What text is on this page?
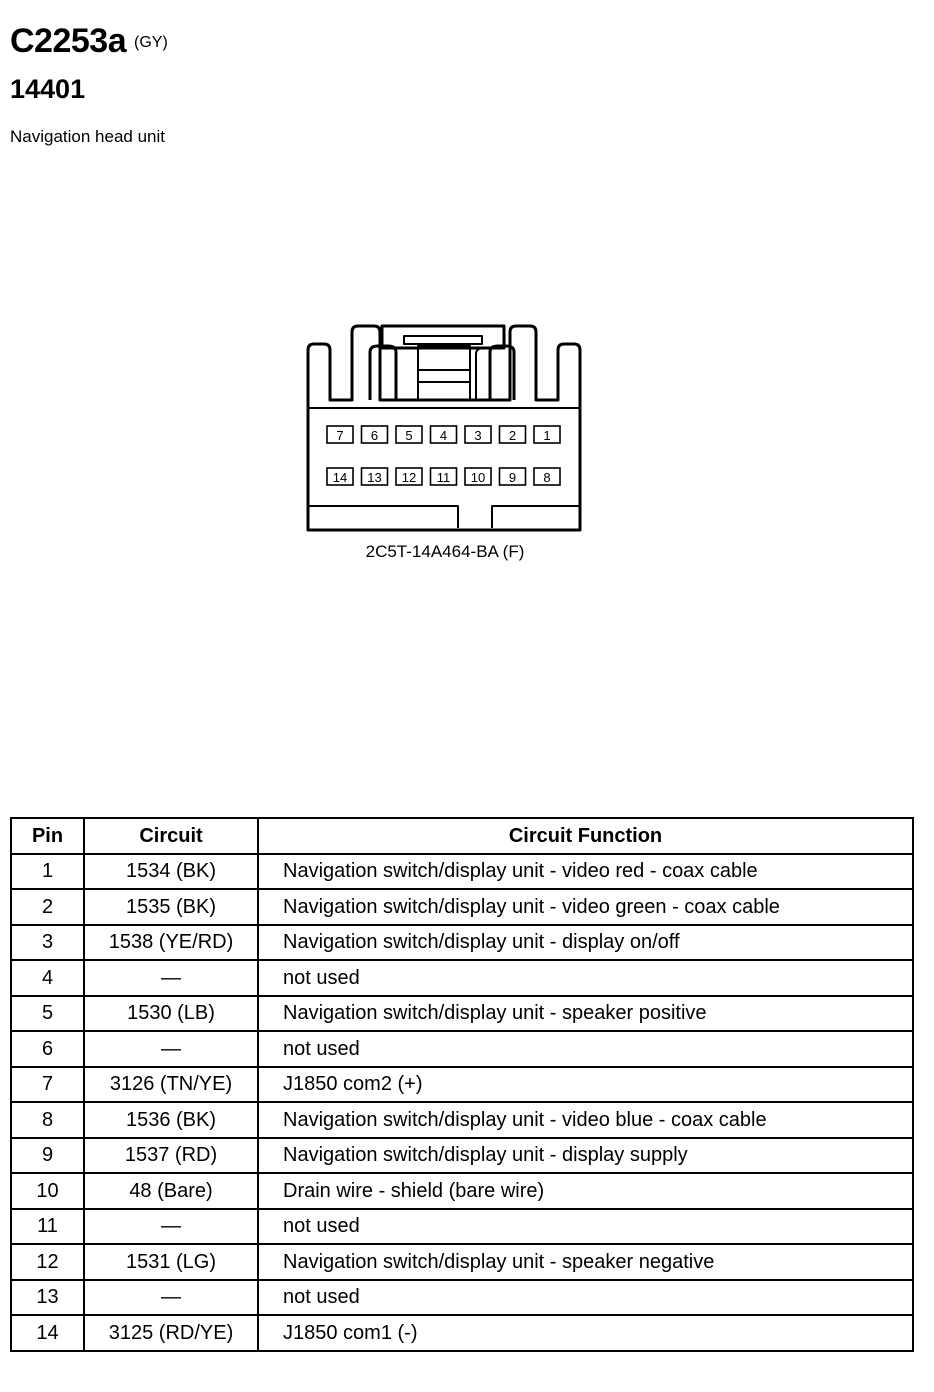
C2253a (GY)
14401
Navigation head unit
7 6 5 4 3 2 1
14 13 12 11 10 9 8
2C5T-14A464-BA (F)
Pin	Circuit	Circuit Function
1	1534 (BK)	Navigation switch/display unit - video red - coax cable
2	1535 (BK)	Navigation switch/display unit - video green - coax cable
3	1538 (YE/RD)	Navigation switch/display unit - display on/off
4	—	not used
5	1530 (LB)	Navigation switch/display unit - speaker positive
6	—	not used
7	3126 (TN/YE)	J1850 com2 (+)
8	1536 (BK)	Navigation switch/display unit - video blue - coax cable
9	1537 (RD)	Navigation switch/display unit - display supply
10	48 (Bare)	Drain wire - shield (bare wire)
11	—	not used
12	1531 (LG)	Navigation switch/display unit - speaker negative
13	—	not used
14	3125 (RD/YE)	J1850 com1 (-)
